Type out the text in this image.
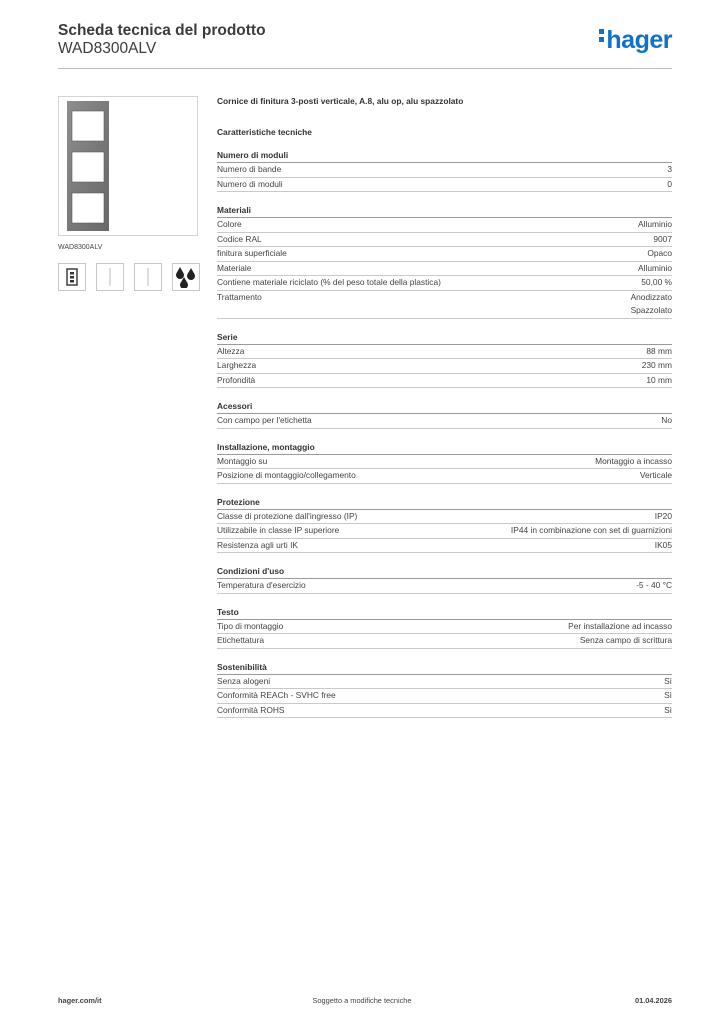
Scheda tecnica del prodotto
WAD8300ALV	hager
WAD8300ALV

Cornice di finitura 3-posti verticale, A.8, alu op, alu spazzolato

Caratteristiche tecniche
Numero di moduli
Numero di bande	3
Numero di moduli	0
Materiali
Colore	Alluminio
Codice RAL	9007
finitura superficiale	Opaco
Materiale	Alluminio
Contiene materiale riciclato (% del peso totale della plastica)	50,00 %
Trattamento	Anodizzato
Spazzolato
Serie
Altezza	88 mm
Larghezza	230 mm
Profondità	10 mm
Acessori
Con campo per l'etichetta	No
Installazione, montaggio
Montaggio su	Montaggio a incasso
Posizione di montaggio/collegamento	Verticale
Protezione
Classe di protezione dall'ingresso (IP)	IP20
Utilizzabile in classe IP superiore	IP44 in combinazione con set di guarnizioni
Resistenza agli urti IK	IK05
Condizioni d'uso
Temperatura d'esercizio	-5 - 40 °C
Testo
Tipo di montaggio	Per installazione ad incasso
Etichettatura	Senza campo di scrittura
Sostenibilità
Senza alogeni	Sì
Conformità REACh - SVHC free	Sì
Conformità ROHS	Sì
hager.com/it	Soggetto a modifiche tecniche	01.04.2026
